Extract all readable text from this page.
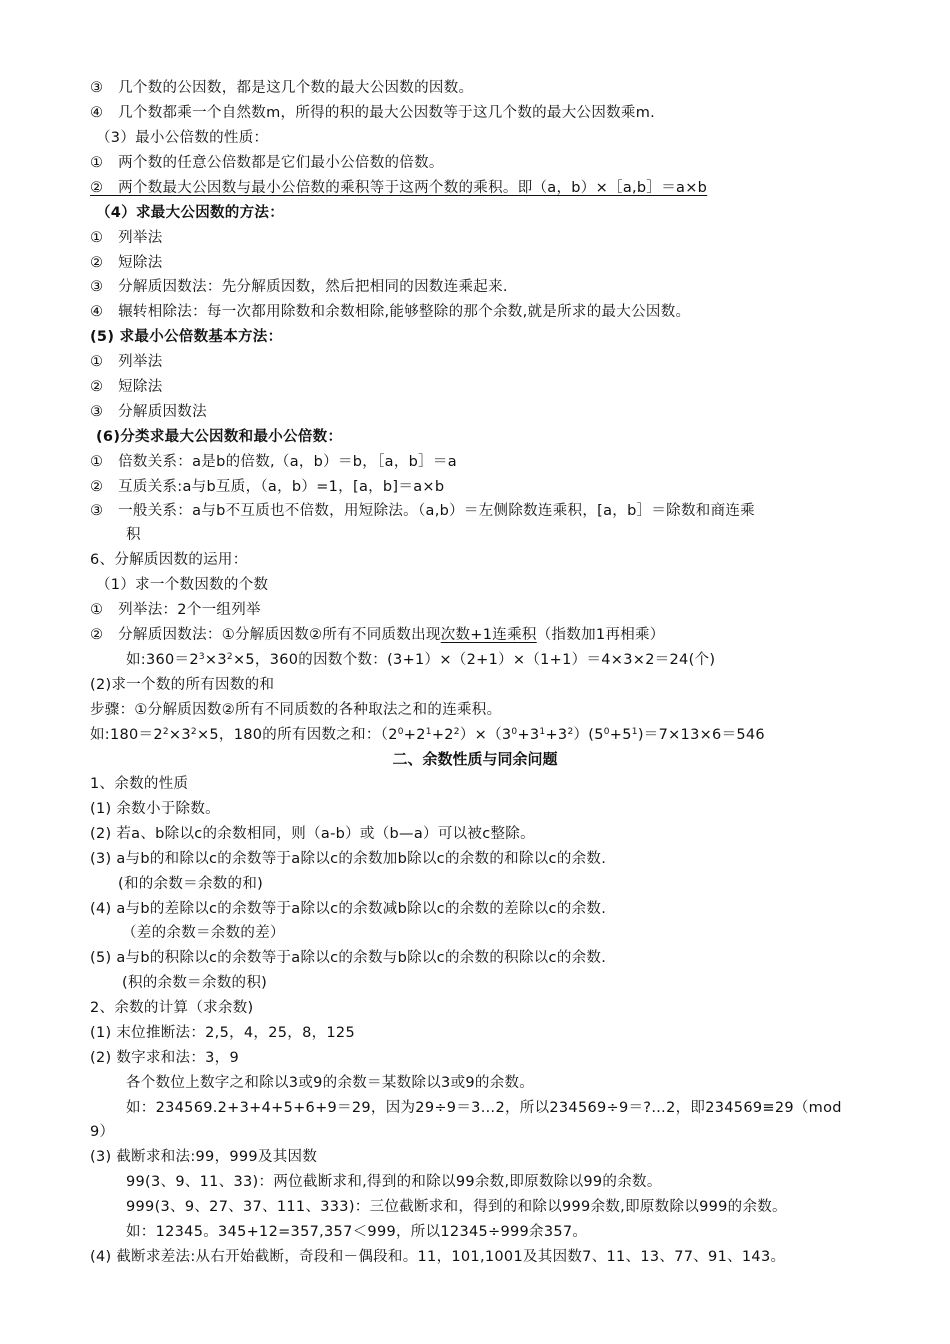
③　几个数的公因数，都是这几个数的最大公因数的因数。
④　几个数都乘一个自然数m，所得的积的最大公因数等于这几个数的最大公因数乘m.
（3）最小公倍数的性质：
①　两个数的任意公倍数都是它们最小公倍数的倍数。
②　两个数最大公因数与最小公倍数的乘积等于这两个数的乘积。即（a，b）×［a,b］＝a×b
（4）求最大公因数的方法：
①　列举法
②　短除法
③　分解质因数法：先分解质因数，然后把相同的因数连乘起来.
④　辗转相除法：每一次都用除数和余数相除,能够整除的那个余数,就是所求的最大公因数。
(5) 求最小公倍数基本方法：
①　列举法
②　短除法
③　分解质因数法
(6)分类求最大公因数和最小公倍数：
①　倍数关系：a是b的倍数,（a，b）＝b，［a，b］＝a
②　互质关系:a与b互质，（a，b）=1，[a，b]＝a×b
③　一般关系：a与b不互质也不倍数，用短除法。（a,b）＝左侧除数连乘积，[a，b］＝除数和商连乘
积
6、分解质因数的运用：
（1）求一个数因数的个数
①　列举法：2个一组列举
②　分解质因数法：①分解质因数②所有不同质数出现次数+1连乘积（指数加1再相乘）
如$:360=2^3\times 3^2\times 5$，360的因数个数：(3+1）×（2+1）×（1+1）＝4×3×2＝24(个)
(2)求一个数的所有因数的和
步骤：①分解质因数②所有不同质数的各种取法之和的连乘积。
如$:180=2^2\times 3^2\times 5$，180的所有因数之和：$(2^0+2^1+2^2)\times(3^0+3^1+3^2)(5^0+5^1)=7\times 13\times 6=546$
二、余数性质与同余问题
1、余数的性质
(1) 余数小于除数。
(2) 若a、b除以c的余数相同，则（a-b）或（b—a）可以被c整除。
(3) a与b的和除以c的余数等于a除以c的余数加b除以c的余数的和除以c的余数.
(和的余数＝余数的和)
(4) a与b的差除以c的余数等于a除以c的余数减b除以c的余数的差除以c的余数.
（差的余数＝余数的差）
(5) a与b的积除以c的余数等于a除以c的余数与b除以c的余数的积除以c的余数.
(积的余数＝余数的积)
2、余数的计算（求余数)
(1) 末位推断法：2,5，4，25，8，125
(2) 数字求和法：3，9
各个数位上数字之和除以3或9的余数＝某数除以3或9的余数。
如：234569.2+3+4+5+6+9＝29，因为29÷9＝3…2，所以234569÷9＝?…2，即234569≡29（mod
9）
(3) 截断求和法:99，999及其因数
99(3、9、11、33)：两位截断求和,得到的和除以99余数,即原数除以99的余数。
999(3、9、27、37、111、333)：三位截断求和，得到的和除以999余数,即原数除以999的余数。
如：12345。345+12=357,357＜999，所以12345÷999余357。
(4) 截断求差法:从右开始截断，奇段和－偶段和。11，101,1001及其因数7、11、13、77、91、143。
